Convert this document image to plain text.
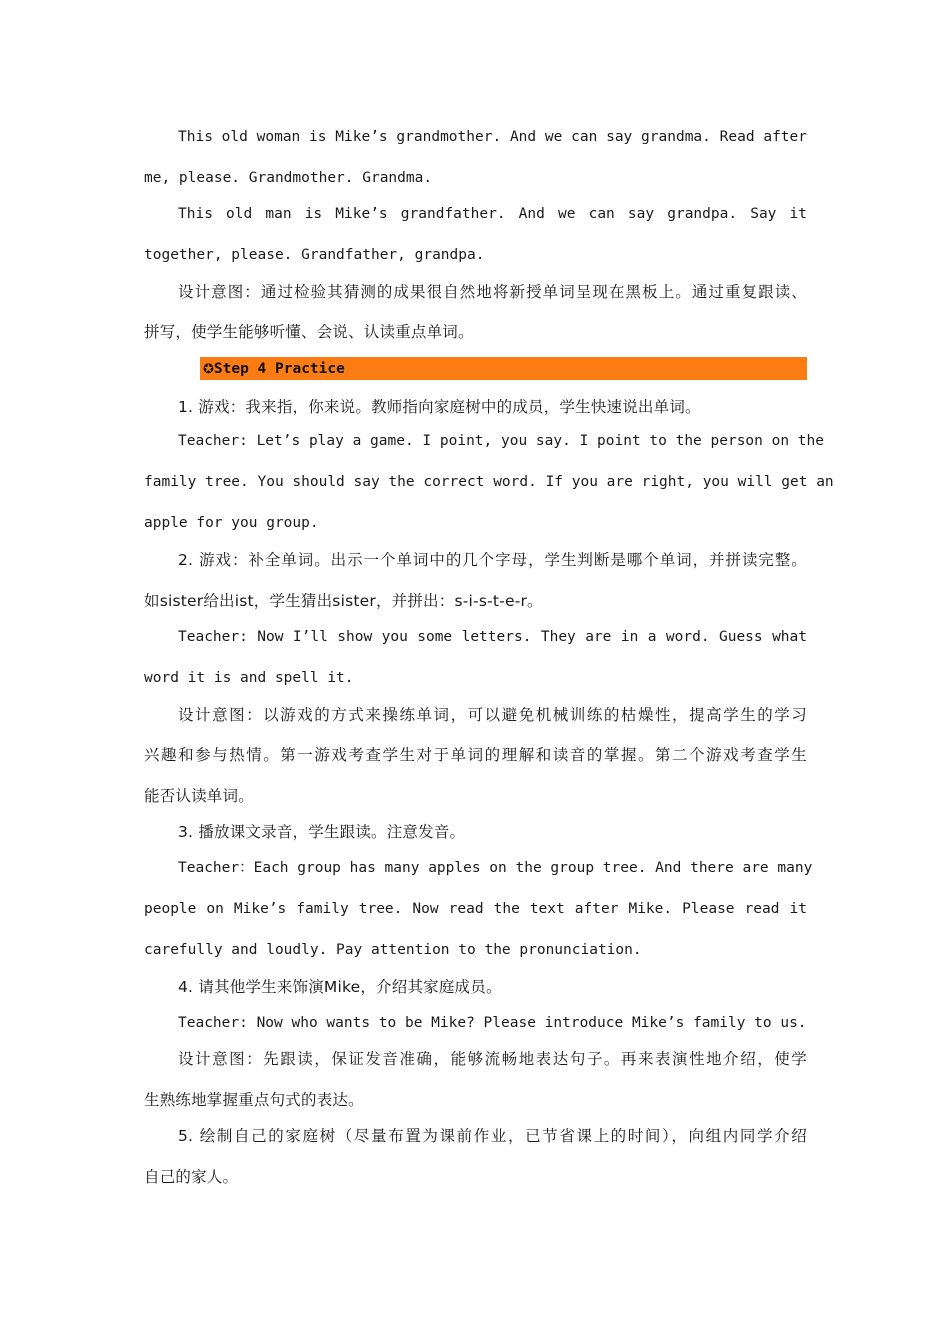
This old woman is Mike’s grandmother. And we can say grandma. Read after
me, please. Grandmother. Grandma.
This old man is Mike’s grandfather. And we can say grandpa. Say it
together, please. Grandfather, grandpa.
设计意图：通过检验其猜测的成果很自然地将新授单词呈现在黑板上。通过重复跟读、
拼写，使学生能够听懂、会说、认读重点单词。
✪Step 4 Practice
1. 游戏：我来指，你来说。教师指向家庭树中的成员，学生快速说出单词。
Teacher: Let’s play a game. I point, you say. I point to the person on the
family tree. You should say the correct word. If you are right, you will get an
apple for you group.
2. 游戏：补全单词。出示一个单词中的几个字母，学生判断是哪个单词，并拼读完整。
如sister给出ist，学生猜出sister，并拼出：s-i-s-t-e-r。
Teacher: Now I’ll show you some letters. They are in a word. Guess what
word it is and spell it.
设计意图：以游戏的方式来操练单词，可以避免机械训练的枯燥性，提高学生的学习
兴趣和参与热情。第一游戏考查学生对于单词的理解和读音的掌握。第二个游戏考查学生
能否认读单词。
3. 播放课文录音，学生跟读。注意发音。
Teacher：Each group has many apples on the group tree. And there are many
people on Mike’s family tree. Now read the text after Mike. Please read it
carefully and loudly. Pay attention to the pronunciation.
4. 请其他学生来饰演Mike，介绍其家庭成员。
Teacher: Now who wants to be Mike? Please introduce Mike’s family to us.
设计意图：先跟读，保证发音准确，能够流畅地表达句子。再来表演性地介绍，使学
生熟练地掌握重点句式的表达。
5. 绘制自己的家庭树（尽量布置为课前作业，已节省课上的时间），向组内同学介绍
自己的家人。
